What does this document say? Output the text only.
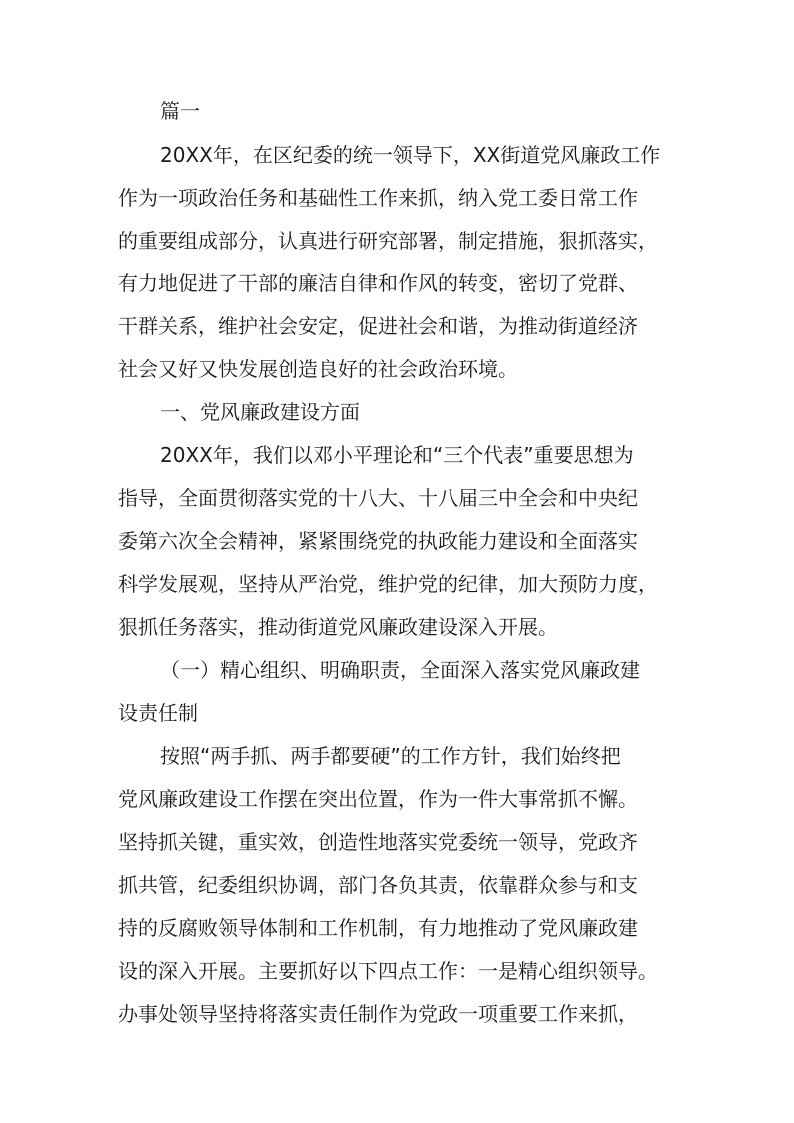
篇一
20XX年，在区纪委的统一领导下，XX街道党风廉政工作
作为一项政治任务和基础性工作来抓，纳入党工委日常工作
的重要组成部分，认真进行研究部署，制定措施，狠抓落实，
有力地促进了干部的廉洁自律和作风的转变，密切了党群、
干群关系，维护社会安定，促进社会和谐，为推动街道经济
社会又好又快发展创造良好的社会政治环境。
一、党风廉政建设方面
20XX年，我们以邓小平理论和“三个代表”重要思想为
指导，全面贯彻落实党的十八大、十八届三中全会和中央纪
委第六次全会精神，紧紧围绕党的执政能力建设和全面落实
科学发展观，坚持从严治党，维护党的纪律，加大预防力度，
狠抓任务落实，推动街道党风廉政建设深入开展。
（一）精心组织、明确职责，全面深入落实党风廉政建
设责任制
按照“两手抓、两手都要硬”的工作方针，我们始终把
党风廉政建设工作摆在突出位置，作为一件大事常抓不懈。
坚持抓关键，重实效，创造性地落实党委统一领导，党政齐
抓共管，纪委组织协调，部门各负其责，依靠群众参与和支
持的反腐败领导体制和工作机制，有力地推动了党风廉政建
设的深入开展。主要抓好以下四点工作：一是精心组织领导。
办事处领导坚持将落实责任制作为党政一项重要工作来抓，
